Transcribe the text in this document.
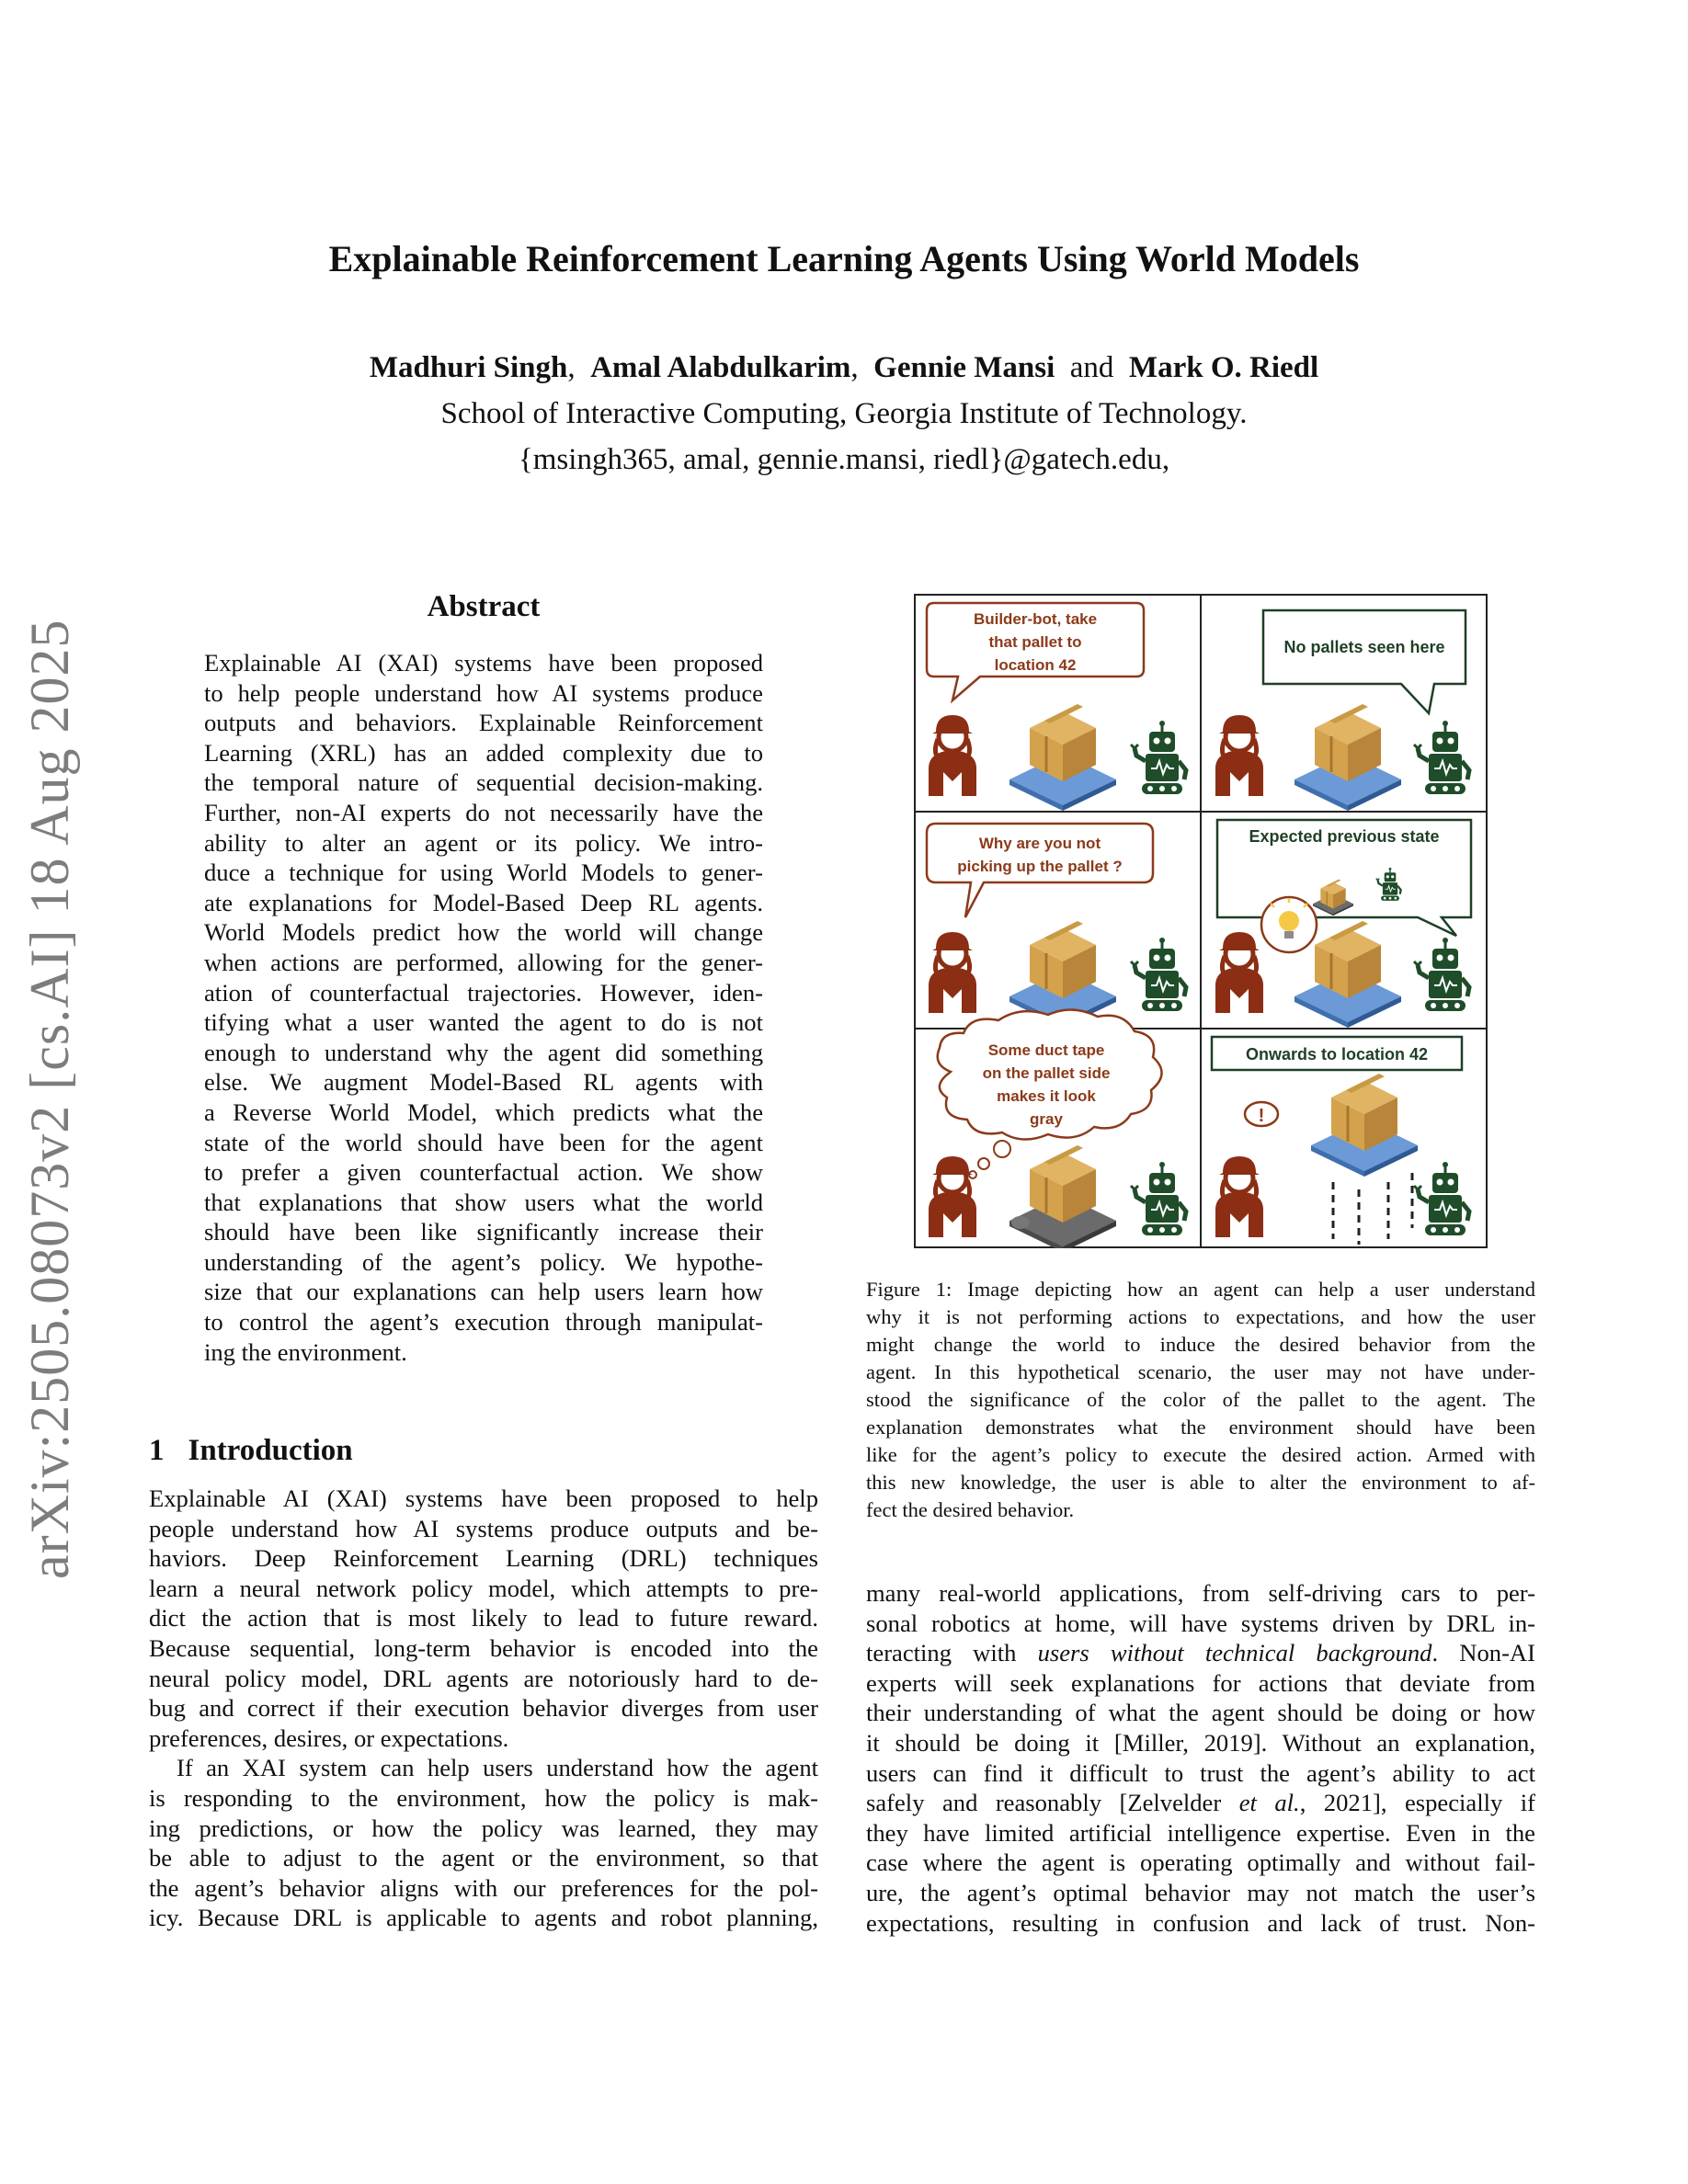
arXiv:2505.08073v2 [cs.AI] 18 Aug 2025
Explainable Reinforcement Learning Agents Using World Models
Madhuri Singh, Amal Alabdulkarim, Gennie Mansi and Mark O. Riedl
School of Interactive Computing, Georgia Institute of Technology.
{msingh365, amal, gennie.mansi, riedl}@gatech.edu,
Abstract
Explainable AI (XAI) systems have been proposed
to help people understand how AI systems produce
outputs and behaviors. Explainable Reinforcement
Learning (XRL) has an added complexity due to
the temporal nature of sequential decision-making.
Further, non-AI experts do not necessarily have the
ability to alter an agent or its policy. We intro-
duce a technique for using World Models to gener-
ate explanations for Model-Based Deep RL agents.
World Models predict how the world will change
when actions are performed, allowing for the gener-
ation of counterfactual trajectories. However, iden-
tifying what a user wanted the agent to do is not
enough to understand why the agent did something
else. We augment Model-Based RL agents with
a Reverse World Model, which predicts what the
state of the world should have been for the agent
to prefer a given counterfactual action. We show
that explanations that show users what the world
should have been like significantly increase their
understanding of the agent’s policy. We hypothe-
size that our explanations can help users learn how
to control the agent’s execution through manipulat-
ing the environment.
Builder-bot, take
that pallet to
location 42
No pallets seen here
Why are you not
picking up the pallet ?
Expected previous state
Some duct tape
on the pallet side
makes it look
gray
Onwards to location 42
!
Figure 1: Image depicting how an agent can help a user understand
why it is not performing actions to expectations, and how the user
might change the world to induce the desired behavior from the
agent. In this hypothetical scenario, the user may not have under-
stood the significance of the color of the pallet to the agent. The
explanation demonstrates what the environment should have been
like for the agent’s policy to execute the desired action. Armed with
this new knowledge, the user is able to alter the environment to af-
fect the desired behavior.
1 Introduction
Explainable AI (XAI) systems have been proposed to help
people understand how AI systems produce outputs and be-
haviors. Deep Reinforcement Learning (DRL) techniques
learn a neural network policy model, which attempts to pre-
dict the action that is most likely to lead to future reward.
Because sequential, long-term behavior is encoded into the
neural policy model, DRL agents are notoriously hard to de-
bug and correct if their execution behavior diverges from user
preferences, desires, or expectations.
If an XAI system can help users understand how the agent
is responding to the environment, how the policy is mak-
ing predictions, or how the policy was learned, they may
be able to adjust to the agent or the environment, so that
the agent’s behavior aligns with our preferences for the pol-
icy. Because DRL is applicable to agents and robot planning,
many real-world applications, from self-driving cars to per-
sonal robotics at home, will have systems driven by DRL in-
teracting with users without technical background. Non-AI
experts will seek explanations for actions that deviate from
their understanding of what the agent should be doing or how
it should be doing it [Miller, 2019]. Without an explanation,
users can find it difficult to trust the agent’s ability to act
safely and reasonably [Zelvelder et al., 2021], especially if
they have limited artificial intelligence expertise. Even in the
case where the agent is operating optimally and without fail-
ure, the agent’s optimal behavior may not match the user’s
expectations, resulting in confusion and lack of trust. Non-
